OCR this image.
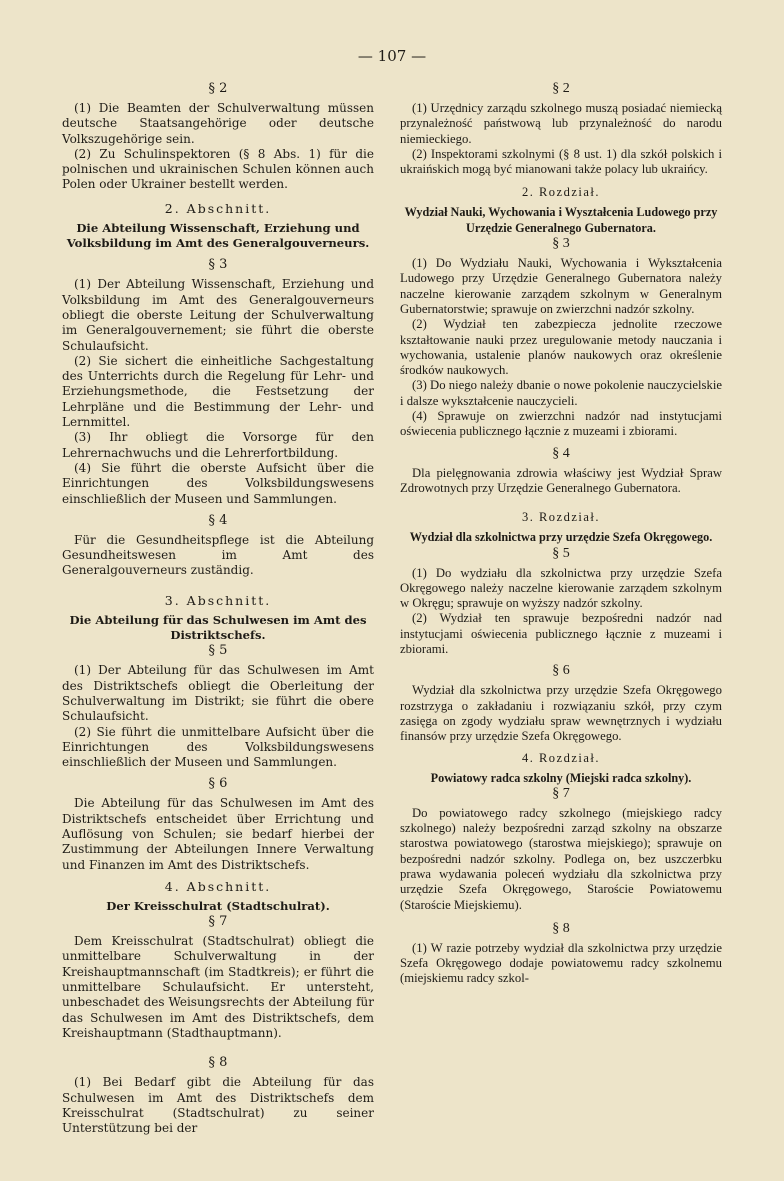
— 107 —

§ 2

(1) Die Beamten der Schulverwaltung müssen deutsche Staatsangehörige oder deutsche Volkszugehörige sein.

(2) Zu Schulinspektoren (§ 8 Abs. 1) für die polnischen und ukrainischen Schulen können auch Polen oder Ukrainer bestellt werden.

2. Abschnitt.

Die Abteilung Wissenschaft, Erziehung und Volksbildung im Amt des Generalgouverneurs.

§ 3

(1) Der Abteilung Wissenschaft, Erziehung und Volksbildung im Amt des Generalgouverneurs obliegt die oberste Leitung der Schulverwaltung im Generalgouvernement; sie führt die oberste Schulaufsicht.

(2) Sie sichert die einheitliche Sachgestaltung des Unterrichts durch die Regelung für Lehr- und Erziehungsmethode, die Festsetzung der Lehrpläne und die Bestimmung der Lehr- und Lernmittel.

(3) Ihr obliegt die Vorsorge für den Lehrernachwuchs und die Lehrerfortbildung.

(4) Sie führt die oberste Aufsicht über die Einrichtungen des Volksbildungswesens einschließlich der Museen und Sammlungen.

§ 4

Für die Gesundheitspflege ist die Abteilung Gesundheitswesen im Amt des Generalgouverneurs zuständig.

3. Abschnitt.

Die Abteilung für das Schulwesen im Amt des Distriktschefs.

§ 5

(1) Der Abteilung für das Schulwesen im Amt des Distriktschefs obliegt die Oberleitung der Schulverwaltung im Distrikt; sie führt die obere Schulaufsicht.

(2) Sie führt die unmittelbare Aufsicht über die Einrichtungen des Volksbildungswesens einschließlich der Museen und Sammlungen.

§ 6

Die Abteilung für das Schulwesen im Amt des Distriktschefs entscheidet über Errichtung und Auflösung von Schulen; sie bedarf hierbei der Zustimmung der Abteilungen Innere Verwaltung und Finanzen im Amt des Distriktschefs.

4. Abschnitt.

Der Kreisschulrat (Stadtschulrat).

§ 7

Dem Kreisschulrat (Stadtschulrat) obliegt die unmittelbare Schulverwaltung in der Kreishauptmannschaft (im Stadtkreis); er führt die unmittelbare Schulaufsicht. Er untersteht, unbeschadet des Weisungsrechts der Abteilung für das Schulwesen im Amt des Distriktschefs, dem Kreishauptmann (Stadthauptmann).

§ 8

(1) Bei Bedarf gibt die Abteilung für das Schulwesen im Amt des Distriktschefs dem Kreisschulrat (Stadtschulrat) zu seiner Unterstützung bei der

§ 2

(1) Urzędnicy zarządu szkolnego muszą posiadać niemiecką przynależność państwową lub przynależność do narodu niemieckiego.

(2) Inspektorami szkolnymi (§ 8 ust. 1) dla szkół polskich i ukraińskich mogą być mianowani także polacy lub ukraińcy.

2. Rozdział.

Wydział Nauki, Wychowania i Wyształcenia Ludowego przy Urzędzie Generalnego Gubernatora.

§ 3

(1) Do Wydziału Nauki, Wychowania i Wykształcenia Ludowego przy Urzędzie Generalnego Gubernatora należy naczelne kierowanie zarządem szkolnym w Generalnym Gubernatorstwie; sprawuje on zwierzchni nadzór szkolny.

(2) Wydział ten zabezpiecza jednolite rzeczowe kształtowanie nauki przez uregulowanie metody nauczania i wychowania, ustalenie planów naukowych oraz określenie środków naukowych.

(3) Do niego należy dbanie o nowe pokolenie nauczycielskie i dalsze wykształcenie nauczycieli.

(4) Sprawuje on zwierzchni nadzór nad instytucjami oświecenia publicznego łącznie z muzeami i zbiorami.

§ 4

Dla pielęgnowania zdrowia właściwy jest Wydział Spraw Zdrowotnych przy Urzędzie Generalnego Gubernatora.

3. Rozdział.

Wydział dla szkolnictwa przy urzędzie Szefa Okręgowego.

§ 5

(1) Do wydziału dla szkolnictwa przy urzędzie Szefa Okręgowego należy naczelne kierowanie zarządem szkolnym w Okręgu; sprawuje on wyższy nadzór szkolny.

(2) Wydział ten sprawuje bezpośredni nadzór nad instytucjami oświecenia publicznego łącznie z muzeami i zbiorami.

§ 6

Wydział dla szkolnictwa przy urzędzie Szefa Okręgowego rozstrzyga o zakładaniu i rozwiązaniu szkół, przy czym zasięga on zgody wydziału spraw wewnętrznych i wydziału finansów przy urzędzie Szefa Okręgowego.

4. Rozdział.

Powiatowy radca szkolny (Miejski radca szkolny).

§ 7

Do powiatowego radcy szkolnego (miejskiego radcy szkolnego) należy bezpośredni zarząd szkolny na obszarze starostwa powiatowego (starostwa miejskiego); sprawuje on bezpośredni nadzór szkolny. Podlega on, bez uszczerbku prawa wydawania poleceń wydziału dla szkolnictwa przy urzędzie Szefa Okręgowego, Staroście Powiatowemu (Staroście Miejskiemu).

§ 8

(1) W razie potrzeby wydział dla szkolnictwa przy urzędzie Szefa Okręgowego dodaje powiatowemu radcy szkolnemu (miejskiemu radcy szkol-
